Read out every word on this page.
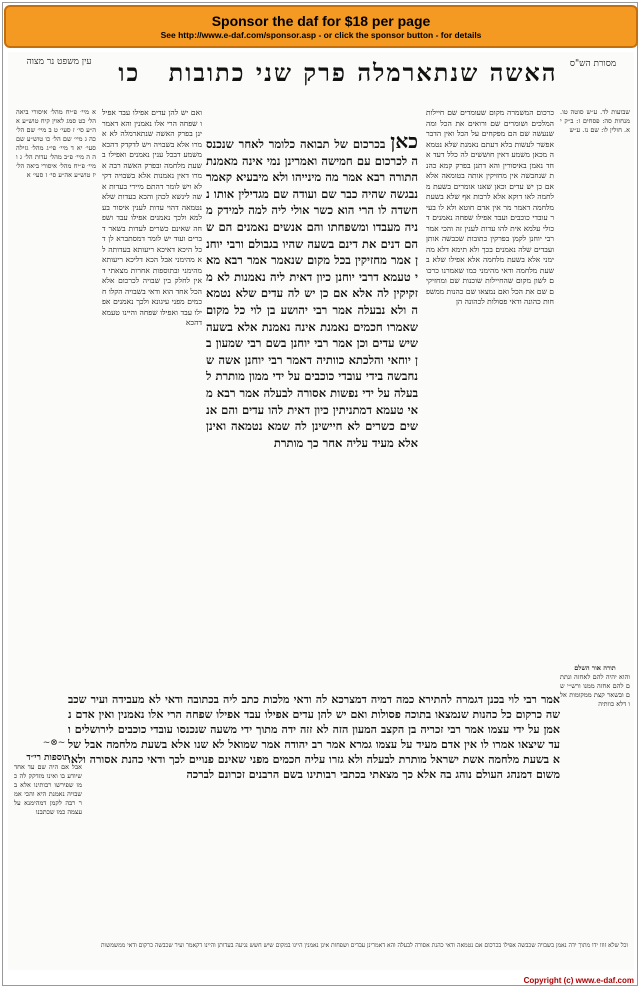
Sponsor the daf for $18 per page
See http://www.e-daf.com/sponsor.asp - or click the sponsor button - for details
עין משפט נר מצוה	מסורת הש"ס
האשה שנתארמלה פרק שני כתובות כו
א מיי׳ פ״יח מהל׳ איסורי ביאה הל׳ כט סמג לאוין קיח טוש״ע אה״ע סי׳ ז סעי׳ ט ב מיי׳ שם הל׳ כה ג מיי׳ שם הל׳ כו טוש״ע שם סעי׳ יא ד מיי׳ פי״ג מהל׳ גזילה ה ה מיי׳ פ״ב מהל׳ עדות הל׳ ג ו מיי׳ פ״יח מהל׳ איסורי ביאה הל׳ יז טוש״ע אה״ע סי׳ ז סעי׳ א
שבועות לד. ע״ש סוטה טו. מנחות סה: פסחים ז: ב״ק יא. חולין לו: שם נז. ע״ש
כרכום המשמרה מקום שעומדים שם חיילות המלכים ושומרים שם ורואים את הכל ומה שנעשה שם הם מפקחים על הכל ואין הדבר אפשר לעשות בלא דעתם נאמנת שלא נטמאה מכאן משמע דאין חוששים לה כלל דעד אחד נאמן באיסורין והא דתנן בפרק קמא כהנת שנחבשה אין מחזיקין אותה בטומאה אלא אם כן יש עדים וכאן שאנו אומרים בשעת מלחמה לאו דוקא אלא לרבות אף שלא בשעת מלחמה דאמר מר אין אדם חוטא ולא לו בעיר עובדי כוכבים ועבד אפילו שפחה נאמנים דכולי עלמא אית להו עדות לענין זה והכי אמר רבי יוחנן לקמן בפרקין כתובות שכבשה אותן ועבדים שלה נאמנים בכך ולא תימא דלא מהימני אלא בשעת מלחמה אלא אפילו שלא בשעת מלחמה ודאי מהימני כמו שאמרנו כרכום לשון מקום שהחיילות שוכנות שם ומחזיקים שם את הכל ואם נמצאו שם כהנות ממשפחות כהונה ודאי פסולות לכהונה הן
ואם יש להן עדים אפילו עבד אפילו שפחה הרי אלו נאמנין והא דאמרינן בפרק האשה שנתארמלה לא אמרו אלא בשבויה ויש לדקדק דהכא משמע דבכל ענין נאמנים ואפילו בשעת מלחמה ובפרק האשה רבה אמרו דאין נאמנות אלא בשבויה דקילא ויש לומר דהתם מיירי בעדות אשה לינשא לכהן והכא בעדות שלא נטמאה דהוי עדות לענין איסור בעלמא ולכך נאמנים אפילו עבד ושפחה שאינם כשרים לעדות בשאר דברים ועוד יש לומר דמסתברא לן דכל היכא דאיכא ריעותא בעדותה לא מהימני אבל הכא דליכא ריעותא מהימני ובתוספות אחרות מצאתי דאין לחלק בין שבויה לכרכום אלא הכל אחד הוא ודאי בשבויה הקלו חכמים מפני עיגונא ולכך נאמנים אפילו עבד ואפילו שפחה והיינו טעמא דהכא
כאן בכרכום של תבואה כלומר לאחר שנכנסה לכרכום עם חמישה ואמרינן נמי אינה מאמנת התורה רבא אמר מה מינייהו ולא מיבעיא קאמר נבגשה שהיה כבר שם ועודה שם מגדילין אותו נחשדה לו הרי הוא כשר אולי ליה למה למידק מניה מעבדו ומשפחתו והם אנשים נאמנים הם שהם דנים את דינם בשעה שהיו בגבולם ורבי יוחנן אמר מחזיקין בכל מקום שנאמר אמר רבא מאי טעמא דרבי יוחנן כיון דאית ליה נאמנות לא מזקיקין לה אלא אם כן יש לה עדים שלא נטמאה ולא נבעלה אמר רבי יהושע בן לוי כל מקום שאמרו חכמים נאמנת אינה נאמנת אלא בשעה שיש עדים וכן אמר רבי יוחנן בשם רבי שמעון בן יוחאי והלכתא כוותיה דאמר רבי יוחנן אשה שנחבשה בידי עובדי כוכבים על ידי ממון מותרת לבעלה על ידי נפשות אסורה לבעלה אמר רבא מאי טעמא דמתניתין כיון דאית להו עדים והם אנשים כשרים לא חיישינן לה שמא נטמאה ואינן אלא מעיד עליה אחר כך מותרת
אמר רבי לוי בכנן דגמרה להתירא כמה דמיה דמצרכא לה ודאי מלכות כתב ליה בכתובה ודאי לא מעבידה ועיר שכבשה כרקום כל כהנות שנמצאו בתוכה פסולות ואם יש להן עדים אפילו עבד אפילו שפחה הרי אלו נאמנין ואין אדם נאמן על ידי עצמו אמר רבי זכריה בן הקצב המעון הזה לא זזה ידה מתוך ידי משעה שנכנסו עובדי כוכבים לירושלים ועד שיצאו אמרו לו אין אדם מעיד על עצמו גמרא אמר רב יהודה אמר שמואל לא שנו אלא בשעת מלחמה אבל שלא בשעת מלחמה אשת ישראל מותרת לבעלה ולא גזרו עליה חכמים מפני שאינם פנויים לכך ודאי כהנת אסורה ולאו משום דמנהג העולם נוהג בה אלא כך מצאתי בכתבי רבותינו בשם הרבנים זכרונם לברכה
תורה אור השלם
והוא יהיה להם לאחזה ונתתם להם אחזה ממנו ורש״י שם ובשאר קצת ממקומות אלו דלא כוותיה
~⊗~
תוספות רי״ד
אבל אם היה שם עד אחד שיודע בו ואינו מזדקק לה כמו שפירשו רבותינו אלא בשבויה נאמנת היא והכי אמר רבה לקמן דמהימנא על עצמה כמו שכתבנו
וכל שלא זוזו ידו מתוך ידה נאמן בשבויה שכבשה אפילו בכרכום אם נטמאה ודאי כהנת אסורה לבעלה והא דאמרינן עבדים ושפחות אינן נאמנין היינו במקום שיש חשש נגיעה בעדותן והיינו דקאמר ועיר שכבשה כרקום ודאי ממשמשות
Copyright (c) www.e-daf.com
